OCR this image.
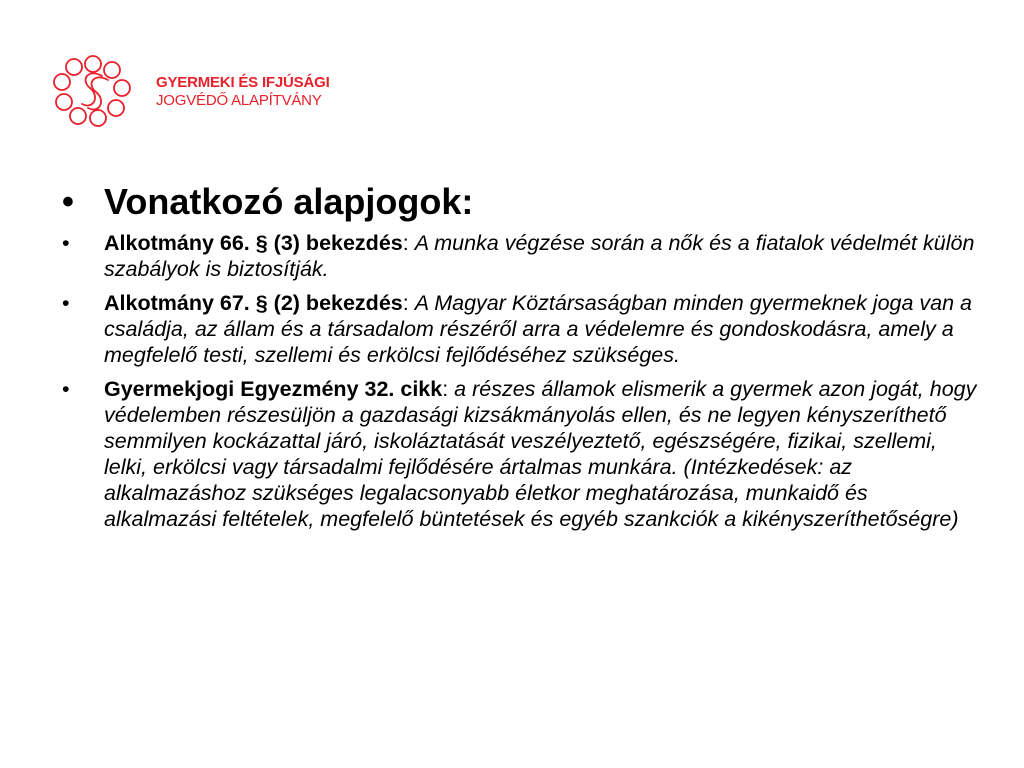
GYERMEKI ÉS IFJÚSÁGI
JOGVÉDŐ ALAPÍTVÁNY
• Vonatkozó alapjogok:
•	Alkotmány 66. § (3) bekezdés: A munka végzése során a nők és a fiatalok védelmét külön szabályok is biztosítják.
•	Alkotmány 67. § (2) bekezdés: A Magyar Köztársaságban minden gyermeknek joga van a családja, az állam és a társadalom részéről arra a védelemre és gondoskodásra, amely a megfelelő testi, szellemi és erkölcsi fejlődéséhez szükséges.
•	Gyermekjogi Egyezmény 32. cikk: a részes államok elismerik a gyermek azon jogát, hogy védelemben részesüljön a gazdasági kizsákmányolás ellen, és ne legyen kényszeríthető semmilyen kockázattal járó, iskoláztatását veszélyeztető, egészségére, fizikai, szellemi, lelki, erkölcsi vagy társadalmi fejlődésére ártalmas munkára. (Intézkedések: az alkalmazáshoz szükséges legalacsonyabb életkor meghatározása, munkaidő és alkalmazási feltételek, megfelelő büntetések és egyéb szankciók a kikényszeríthetőségre)
